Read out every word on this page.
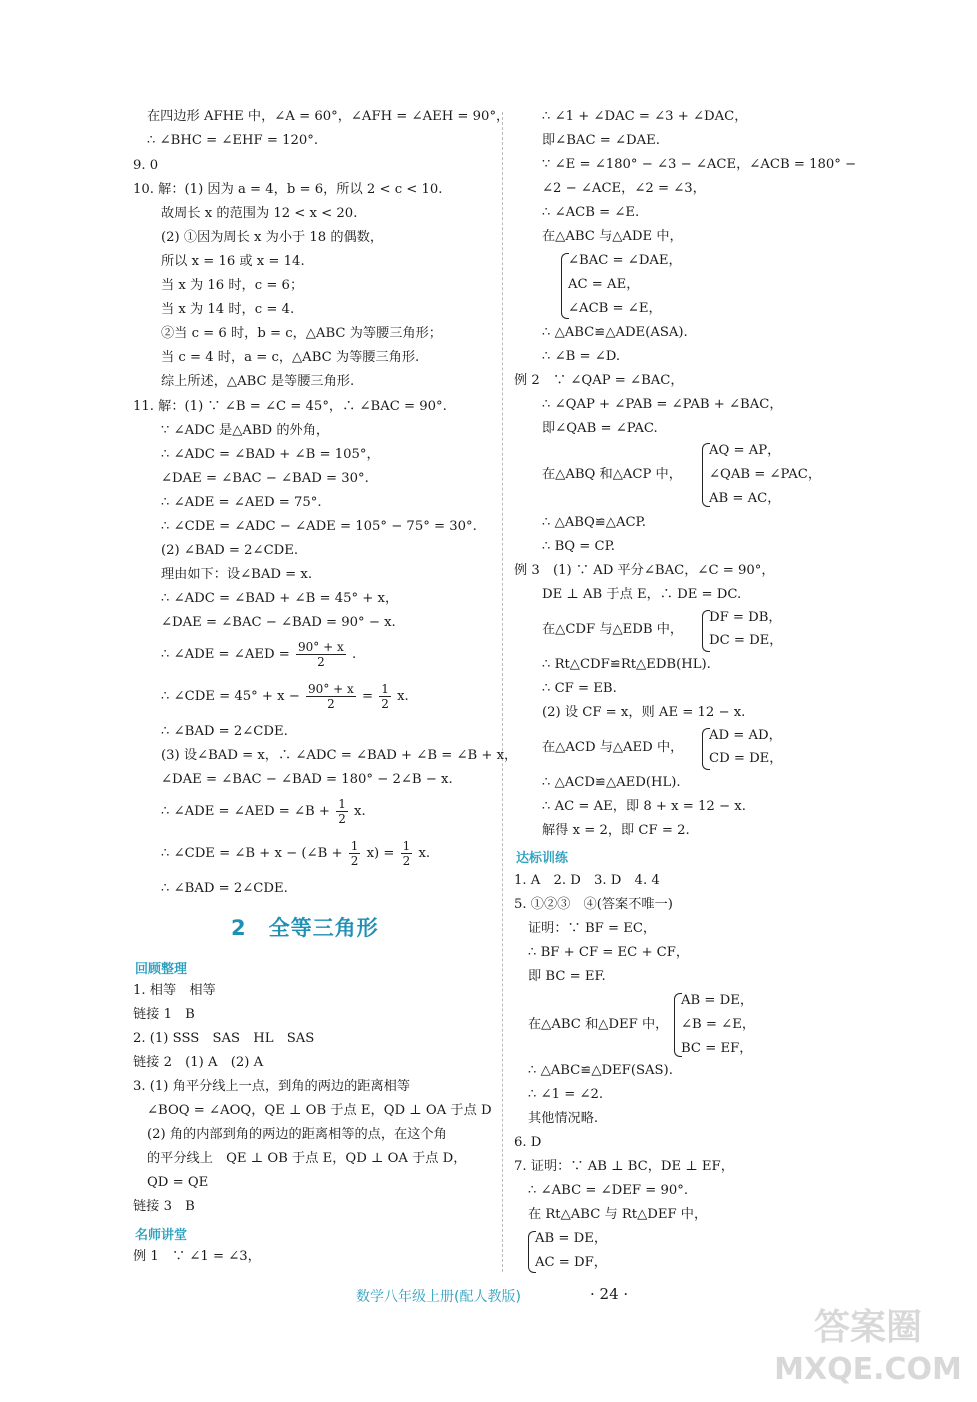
在四边形 AFHE 中，∠A = 60°，∠AFH = ∠AEH = 90°，
∴ ∠BHC = ∠EHF = 120°.
9. 0
10. 解：(1) 因为 a = 4，b = 6，所以 2 < c < 10.
故周长 x 的范围为 12 < x < 20.
(2) ①因为周长 x 为小于 18 的偶数，
所以 x = 16 或 x = 14.
当 x 为 16 时，c = 6；
当 x 为 14 时，c = 4.
②当 c = 6 时，b = c，△ABC 为等腰三角形；
当 c = 4 时，a = c，△ABC 为等腰三角形.
综上所述，△ABC 是等腰三角形.
11. 解：(1) ∵ ∠B = ∠C = 45°，∴ ∠BAC = 90°.
∵ ∠ADC 是△ABD 的外角，
∴ ∠ADC = ∠BAD + ∠B = 105°，
∠DAE = ∠BAC − ∠BAD = 30°.
∴ ∠ADE = ∠AED = 75°.
∴ ∠CDE = ∠ADC − ∠ADE = 105° − 75° = 30°.
(2) ∠BAD = 2∠CDE.
理由如下：设∠BAD = x.
∴ ∠ADC = ∠BAD + ∠B = 45° + x，
∠DAE = ∠BAC − ∠BAD = 90° − x.
∴ ∠ADE = ∠AED = $\frac{90^\circ + x}{2}$ .
∴ ∠CDE = $45^\circ + x - \frac{90^\circ + x}{2} = \frac{1}{2} x$.
∴ ∠BAD = 2∠CDE.
(3) 设∠BAD = x，∴ ∠ADC = ∠BAD + ∠B = ∠B + x，
∠DAE = ∠BAC − ∠BAD = 180° − 2∠B − x.
∴ ∠ADE = ∠AED = ∠B + $\frac{1}{2} x$.
∴ ∠CDE = ∠B + x − (∠B + $\frac{1}{2} x) = \frac{1}{2} x$.
∴ ∠BAD = 2∠CDE.
2　全等三角形
回顾整理
1. 相等　相等
链接 1　B
2. (1) SSS　SAS　HL　SAS
链接 2　(1) A　(2) A
3. (1) 角平分线上一点，到角的两边的距离相等
∠BOQ = ∠AOQ，QE ⊥ OB 于点 E，QD ⊥ OA 于点 D
(2) 角的内部到角的两边的距离相等的点，在这个角
的平分线上　QE ⊥ OB 于点 E，QD ⊥ OA 于点 D，
QD = QE
链接 3　B
名师讲堂
例 1　∵ ∠1 = ∠3，
∴ ∠1 + ∠DAC = ∠3 + ∠DAC，
即∠BAC = ∠DAE.
∵ ∠E = ∠180° − ∠3 − ∠ACE，∠ACB = 180° −
∠2 − ∠ACE，∠2 = ∠3，
∴ ∠ACB = ∠E.
在△ABC 与△ADE 中，
∠BAC = ∠DAE，
AC = AE，
∠ACB = ∠E，
∴ △ABC≌△ADE(ASA).
∴ ∠B = ∠D.
例 2　∵ ∠QAP = ∠BAC，
∴ ∠QAP + ∠PAB = ∠PAB + ∠BAC，
即∠QAB = ∠PAC.
在△ABQ 和△ACP 中，
AQ = AP，
∠QAB = ∠PAC，
AB = AC，
∴ △ABQ≌△ACP.
∴ BQ = CP.
例 3　(1) ∵ AD 平分∠BAC，∠C = 90°，
DE ⊥ AB 于点 E，∴ DE = DC.
在△CDF 与△EDB 中，
DF = DB，
DC = DE，
∴ Rt△CDF≌Rt△EDB(HL).
∴ CF = EB.
(2) 设 CF = x，则 AE = 12 − x.
在△ACD 与△AED 中，
AD = AD，
CD = DE，
∴ △ACD≌△AED(HL).
∴ AC = AE，即 8 + x = 12 − x.
解得 x = 2，即 CF = 2.
达标训练
1. A　2. D　3. D　4. 4
5. ①②③　④(答案不唯一)
证明：∵ BF = EC，
∴ BF + CF = EC + CF，
即 BC = EF.
在△ABC 和△DEF 中，
AB = DE，
∠B = ∠E，
BC = EF，
∴ △ABC≌△DEF(SAS).
∴ ∠1 = ∠2.
其他情况略.
6. D
7. 证明：∵ AB ⊥ BC，DE ⊥ EF，
∴ ∠ABC = ∠DEF = 90°.
在 Rt△ABC 与 Rt△DEF 中，
AB = DE，
AC = DF，
数学八年级上册(配人教版)	· 24 ·
答案圈
MXQE.COM
